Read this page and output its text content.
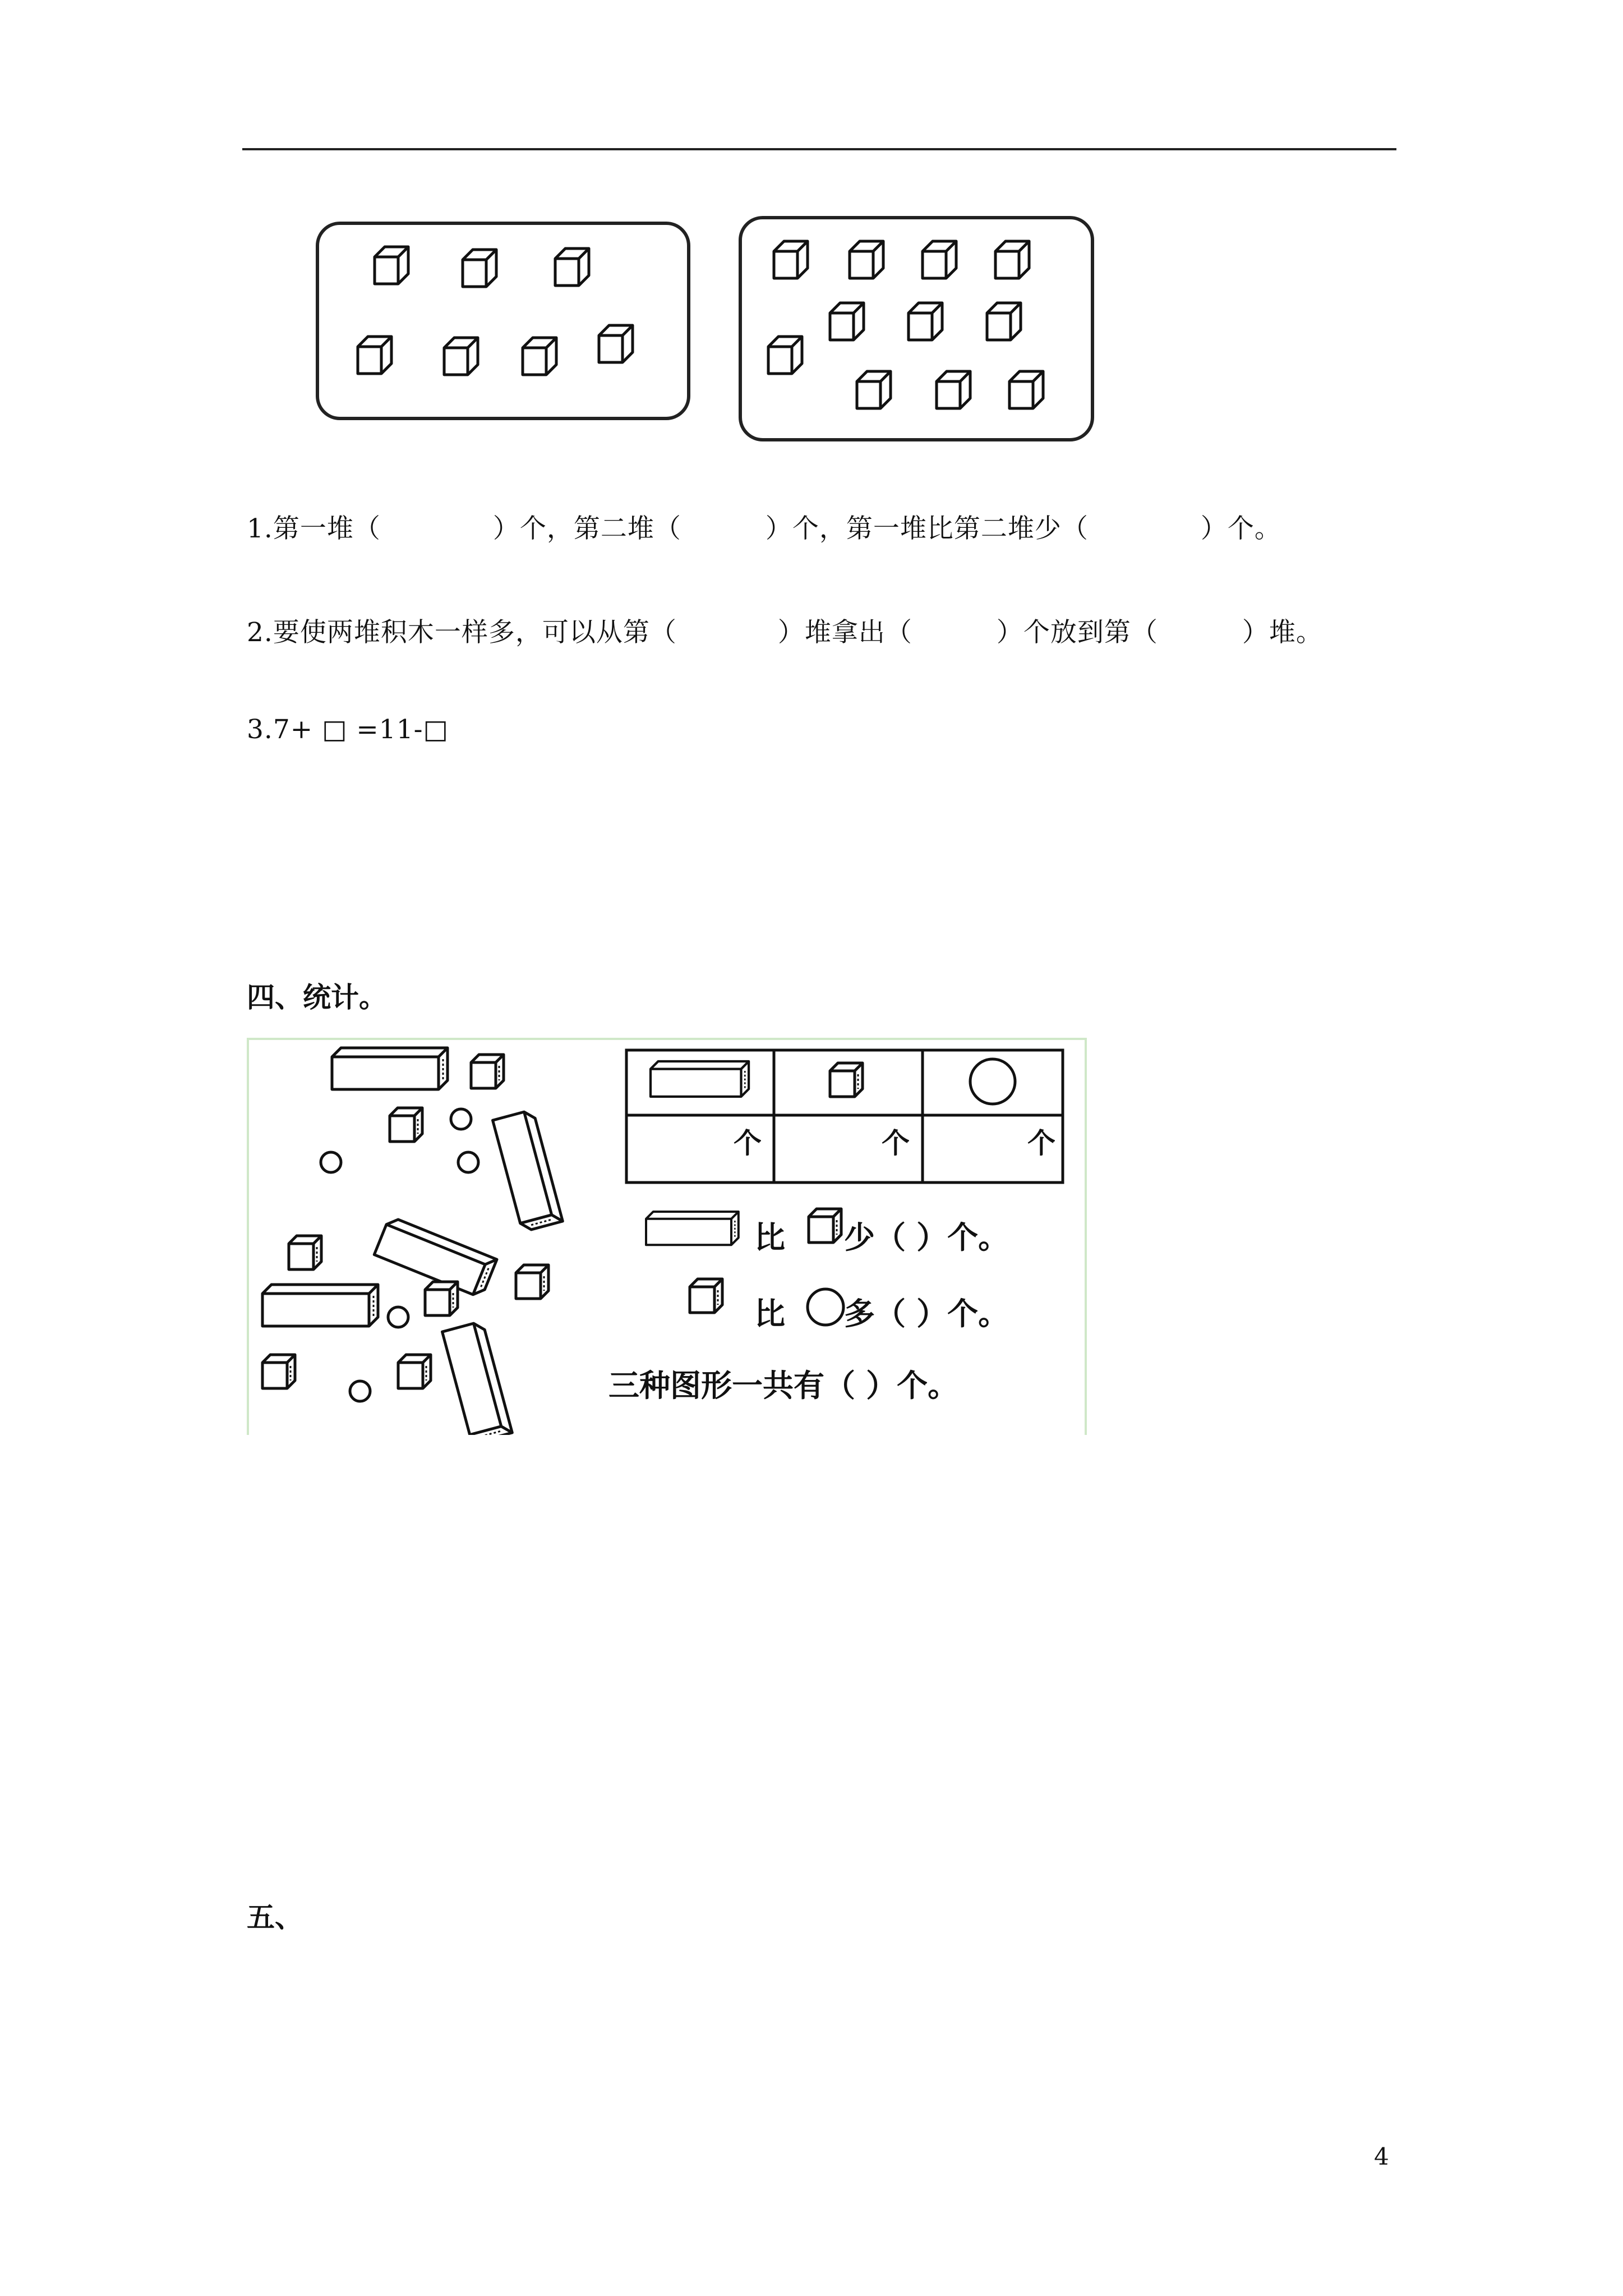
1.第一堆（	）个，第二堆（	）个，第一堆比第二堆少（	）个。
2.要使两堆积木一样多，可以从第（	）堆拿出（	）个放到第（	）堆。
3.7+ □ =11-□
四、统计。
个	个	个
比 少（ ）个。
比 多（ ）个。
三种图形一共有（ ）个。
五、
4
